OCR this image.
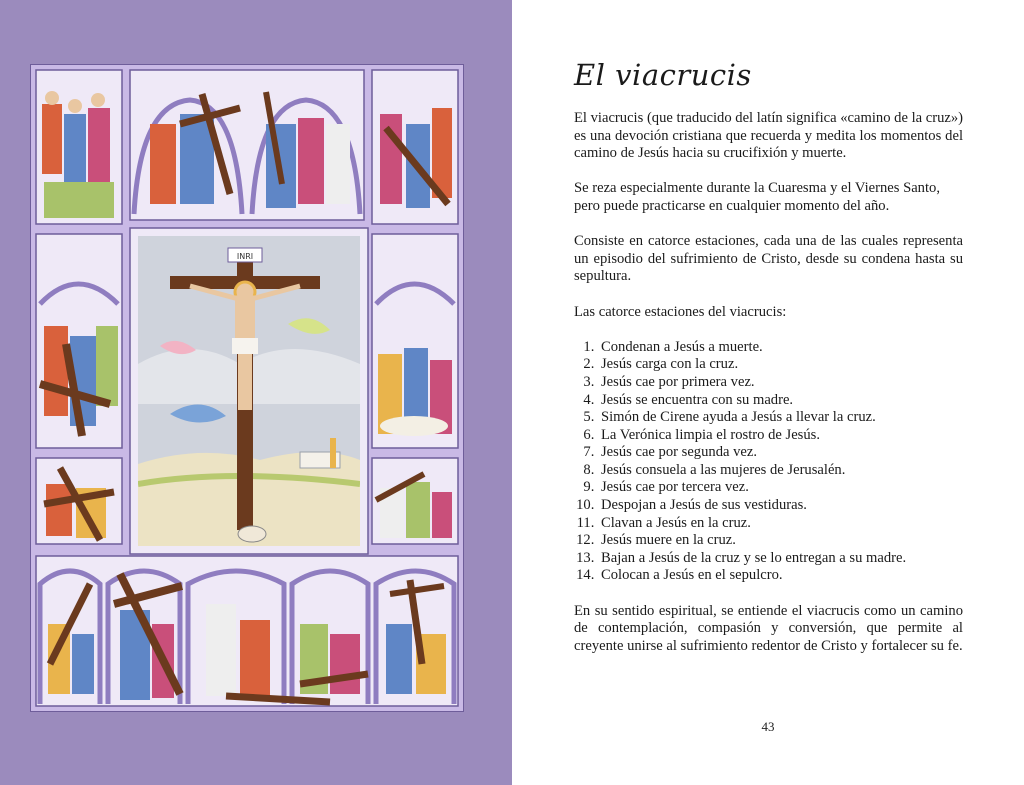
INRI
El viacrucis

El viacrucis (que traducido del latín significa «camino de la cruz») es una devoción cristiana que recuerda y medita los momentos del camino de Jesús hacia su crucifixión y muerte.

Se reza especialmente durante la Cuaresma y el Viernes Santo, pero puede practicarse en cualquier momento del año.

Consiste en catorce estaciones, cada una de las cuales representa un episodio del sufrimiento de Cristo, desde su condena hasta su sepultura.

Las catorce estaciones del viacrucis:

1. Condenan a Jesús a muerte.
2. Jesús carga con la cruz.
3. Jesús cae por primera vez.
4. Jesús se encuentra con su madre.
5. Simón de Cirene ayuda a Jesús a llevar la cruz.
6. La Verónica limpia el rostro de Jesús.
7. Jesús cae por segunda vez.
8. Jesús consuela a las mujeres de Jerusalén.
9. Jesús cae por tercera vez.
10. Despojan a Jesús de sus vestiduras.
11. Clavan a Jesús en la cruz.
12. Jesús muere en la cruz.
13. Bajan a Jesús de la cruz y se lo entregan a su madre.
14. Colocan a Jesús en el sepulcro.

En su sentido espiritual, se entiende el viacrucis como un camino de contemplación, compasión y conversión, que permite al creyente unirse al sufrimiento redentor de Cristo y fortalecer su fe.

43
